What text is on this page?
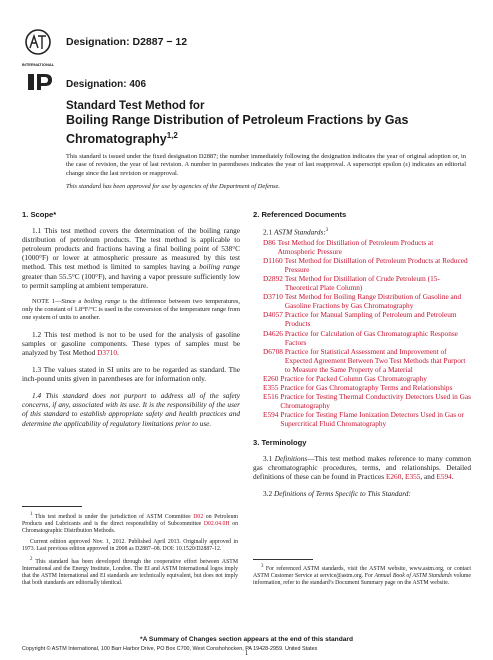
INTERNATIONAL
Designation: D2887 − 12
Designation: 406
Standard Test Method for
Boiling Range Distribution of Petroleum Fractions by Gas
Chromatography$^{1,2}$
This standard is issued under the fixed designation D2887; the number immediately following the designation indicates the year of original adoption or, in the case of revision, the year of last revision. A number in parentheses indicates the year of last reapproval. A superscript epsilon (ε) indicates an editorial change since the last revision or reapproval.
This standard has been approved for use by agencies of the Department of Defense.
1. Scope*
1.1 This test method covers the determination of the boiling range distribution of petroleum products. The test method is applicable to petroleum products and fractions having a final boiling point of 538°C (1000°F) or lower at atmospheric pressure as measured by this test method. This test method is limited to samples having a boiling range greater than 55.5°C (100°F), and having a vapor pressure sufficiently low to permit sampling at ambient temperature.
NOTE 1—Since a boiling range is the difference between two temperatures, only the constant of 1.8°F/°C is used in the conversion of the temperature range from one system of units to another.
1.2 This test method is not to be used for the analysis of gasoline samples or gasoline components. These types of samples must be analyzed by Test Method D3710.
1.3 The values stated in SI units are to be regarded as standard. The inch-pound units given in parentheses are for information only.
1.4 This standard does not purport to address all of the safety concerns, if any, associated with its use. It is the responsibility of the user of this standard to establish appropriate safety and health practices and determine the applicability of regulatory limitations prior to use.
2. Referenced Documents
2.1 ASTM Standards:$^3$
D86 Test Method for Distillation of Petroleum Products at Atmospheric Pressure
D1160 Test Method for Distillation of Petroleum Products at Reduced Pressure
D2892 Test Method for Distillation of Crude Petroleum (15-Theoretical Plate Column)
D3710 Test Method for Boiling Range Distribution of Gasoline and Gasoline Fractions by Gas Chromatography
D4057 Practice for Manual Sampling of Petroleum and Petroleum Products
D4626 Practice for Calculation of Gas Chromatographic Response Factors
D6708 Practice for Statistical Assessment and Improvement of Expected Agreement Between Two Test Methods that Purport to Measure the Same Property of a Material
E260 Practice for Packed Column Gas Chromatography
E355 Practice for Gas Chromatography Terms and Relationships
E516 Practice for Testing Thermal Conductivity Detectors Used in Gas Chromatography
E594 Practice for Testing Flame Ionization Detectors Used in Gas or Supercritical Fluid Chromatography
3. Terminology
3.1 Definitions—This test method makes reference to many common gas chromatographic procedures, terms, and relationships. Detailed definitions of these can be found in Practices E260, E355, and E594.
3.2 Definitions of Terms Specific to This Standard:
$^1$ This test method is under the jurisdiction of ASTM Committee D02 on Petroleum Products and Lubricants and is the direct responsibility of Subcommittee D02.04.0H on Chromatographic Distribution Methods.
Current edition approved Nov. 1, 2012. Published April 2013. Originally approved in 1973. Last previous edition approved in 2008 as D2887–08. DOI: 10.1520/D2887-12.
$^2$ This standard has been developed through the cooperative effort between ASTM International and the Energy Institute, London. The EI and ASTM International logos imply that the ASTM International and EI standards are technically equivalent, but does not imply that both standards are editorially identical.
$^3$ For referenced ASTM standards, visit the ASTM website, www.astm.org, or contact ASTM Customer Service at service@astm.org. For Annual Book of ASTM Standards volume information, refer to the standard’s Document Summary page on the ASTM website.
*A Summary of Changes section appears at the end of this standard
Copyright © ASTM International, 100 Barr Harbor Drive, PO Box C700, West Conshohocken, PA 19428-2959. United States
1
